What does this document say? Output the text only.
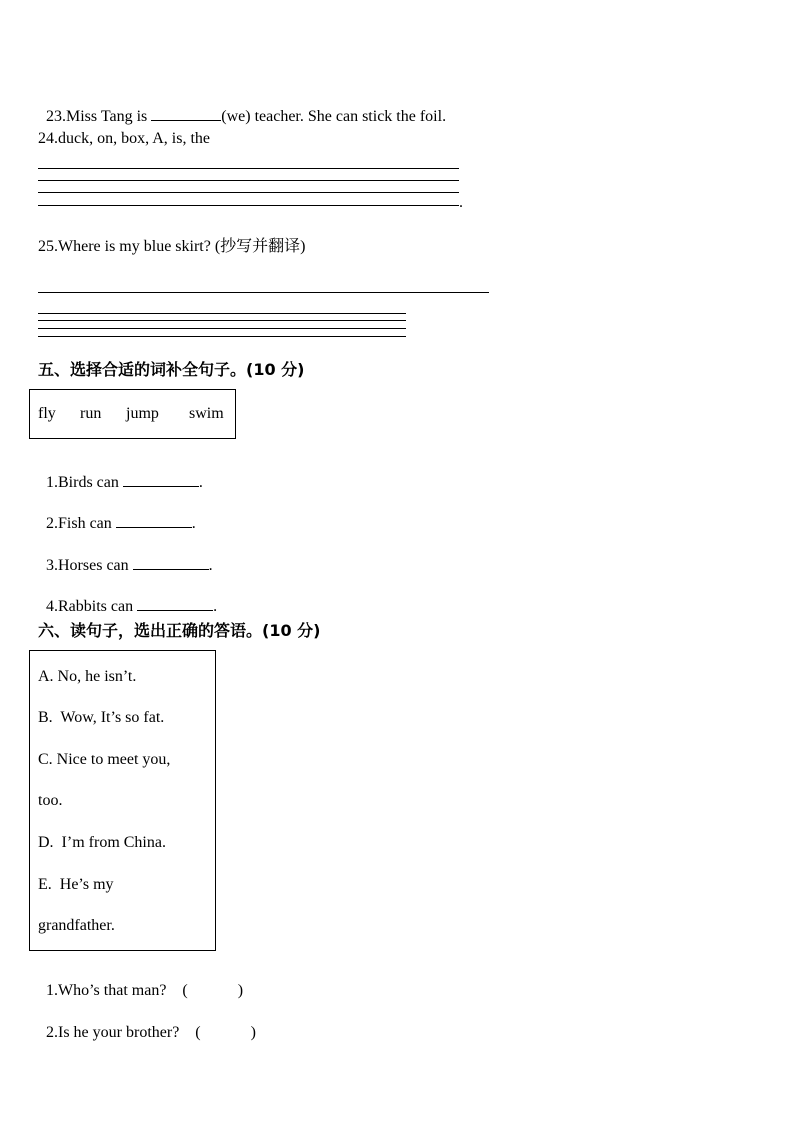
23.Miss Tang is	(we) teacher. She can stick the foil.

24.duck, on, box, A, is, the
.
25.Where is my blue skirt? (抄写并翻译)
五、选择合适的词补全句子。(10 分)
fly run jump swim

1.Birds can	.

2.Fish can	.

3.Horses can	.

4.Rabbits can	.

六、读句子，选出正确的答语。(10 分)
A. No, he isn’t.
B.  Wow, It’s so fat.
C. Nice to meet you,
too.
D.  I’m from China.
E.  He’s my
grandfather.

1.Who’s that man? (	)

2.Is he your brother? (	)
